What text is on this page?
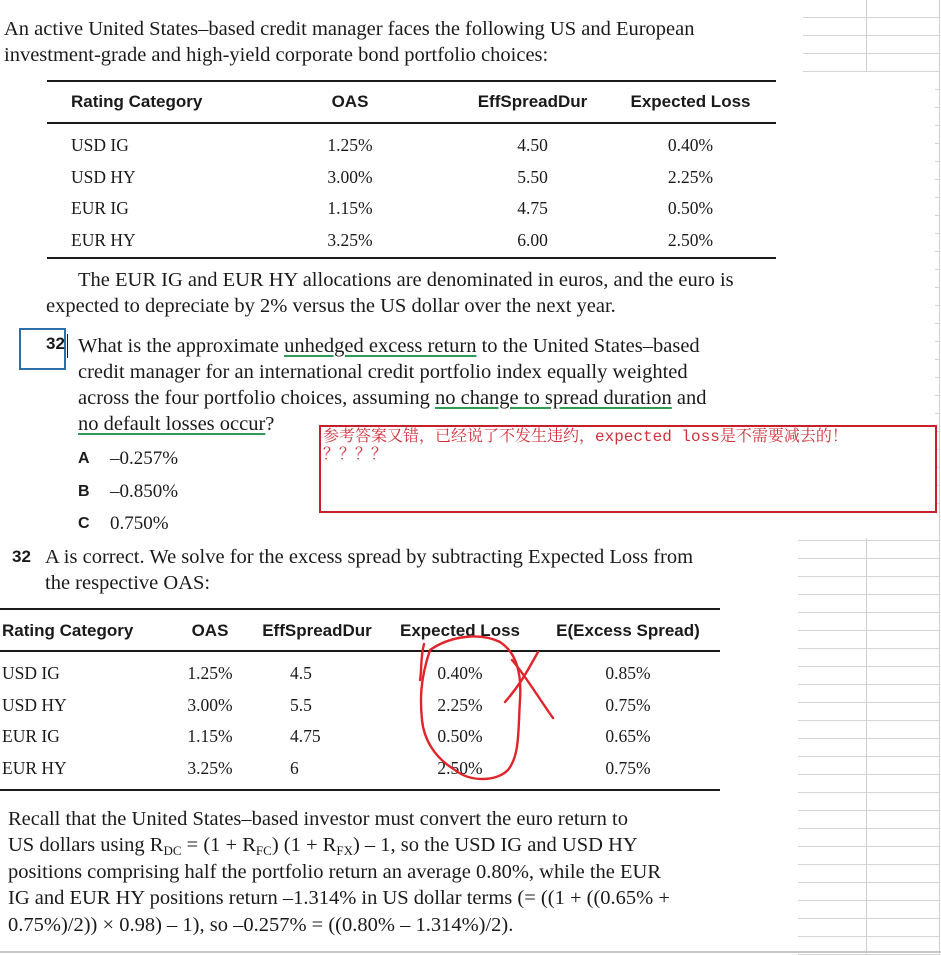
An active United States–based credit manager faces the following US and European
investment-grade and high-yield corporate bond portfolio choices:
Rating Category	OAS	EffSpreadDur	Expected Loss

USD IG	1.25%	4.50	0.40%
USD HY	3.00%	5.50	2.25%
EUR IG	1.15%	4.75	0.50%
EUR HY	3.25%	6.00	2.50%
The EUR IG and EUR HY allocations are denominated in euros, and the euro is
expected to depreciate by 2% versus the US dollar over the next year.
32 What is the approximate unhedged excess return to the United States–based
credit manager for an international credit portfolio index equally weighted
across the four portfolio choices, assuming no change to spread duration and
no default losses occur?
A –0.257%
B –0.850%
C 0.750%
参考答案又错，已经说了不发生违约，expected loss是不需要减去的！
？？？？
32 A is correct. We solve for the excess spread by subtracting Expected Loss from
the respective OAS:
Rating Category	OAS	EffSpreadDur	Expected Loss	E(Excess Spread)

USD IG	1.25%	4.5	0.40%	0.85%
USD HY	3.00%	5.5	2.25%	0.75%
EUR IG	1.15%	4.75	0.50%	0.65%
EUR HY	3.25%	6	2.50%	0.75%
Recall that the United States–based investor must convert the euro return to
US dollars using $R_{DC} = (1 + R_{FC}) (1 + R_{FX}) - 1$, so the USD IG and USD HY
positions comprising half the portfolio return an average 0.80%, while the EUR
IG and EUR HY positions return –1.314% in US dollar terms (= ((1 + ((0.65% +
0.75%)/2)) × 0.98) – 1), so –0.257% = ((0.80% – 1.314%)/2).
